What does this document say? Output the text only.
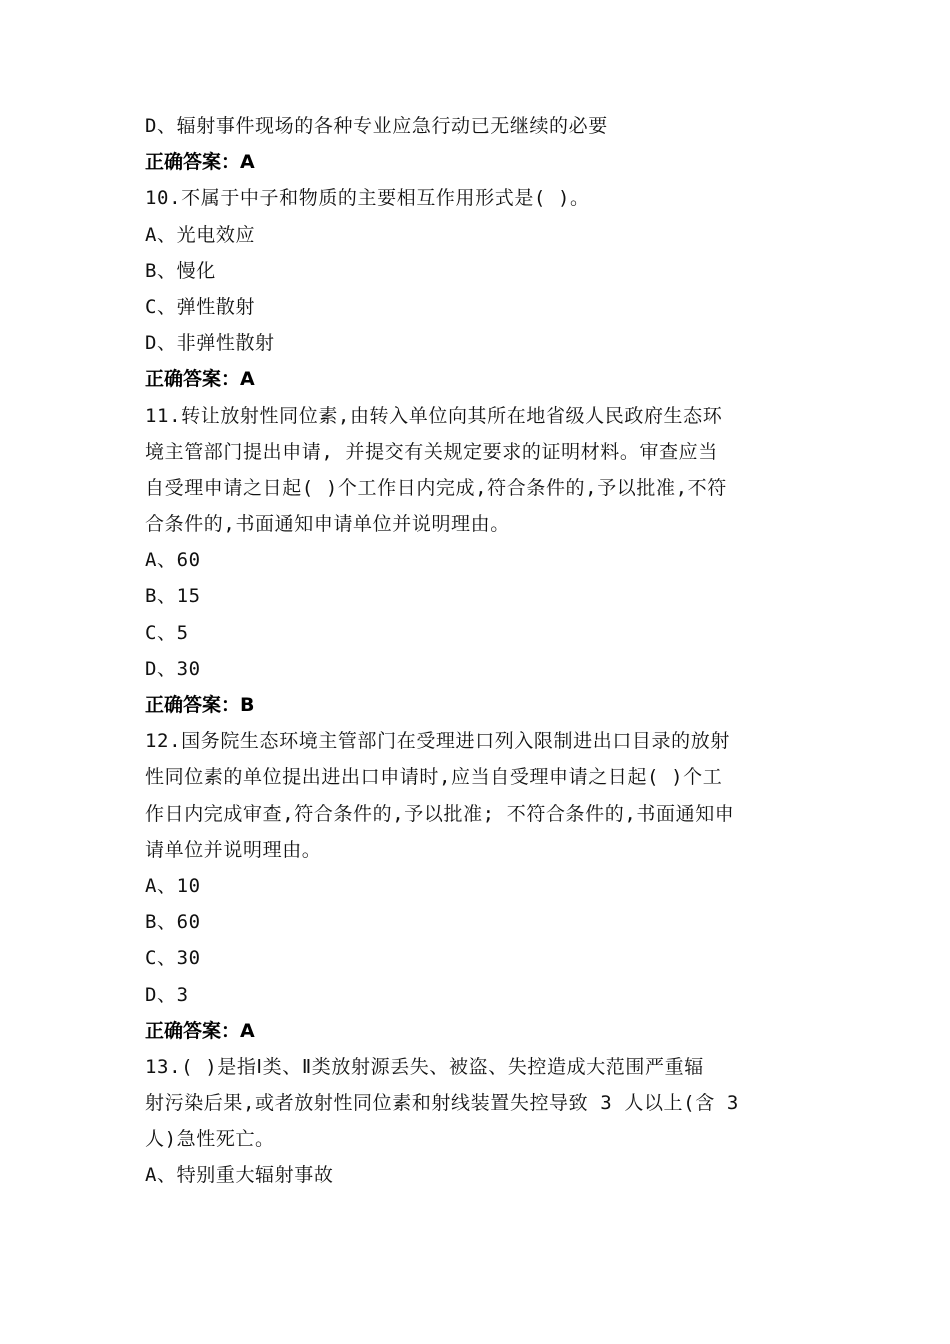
D、辐射事件现场的各种专业应急行动已无继续的必要
正确答案：A
10.不属于中子和物质的主要相互作用形式是( )。
A、光电效应
B、慢化
C、弹性散射
D、非弹性散射
正确答案：A
11.转让放射性同位素,由转入单位向其所在地省级人民政府生态环
境主管部门提出申请, 并提交有关规定要求的证明材料。审查应当
自受理申请之日起( )个工作日内完成,符合条件的,予以批准,不符
合条件的,书面通知申请单位并说明理由。
A、60
B、15
C、5
D、30
正确答案：B
12.国务院生态环境主管部门在受理进口列入限制进出口目录的放射
性同位素的单位提出进出口申请时,应当自受理申请之日起( )个工
作日内完成审查,符合条件的,予以批准; 不符合条件的,书面通知申
请单位并说明理由。
A、10
B、60
C、30
D、3
正确答案：A
13.( )是指Ⅰ类、Ⅱ类放射源丢失、被盗、失控造成大范围严重辐
射污染后果,或者放射性同位素和射线装置失控导致 3 人以上(含 3
人)急性死亡。
A、特别重大辐射事故
